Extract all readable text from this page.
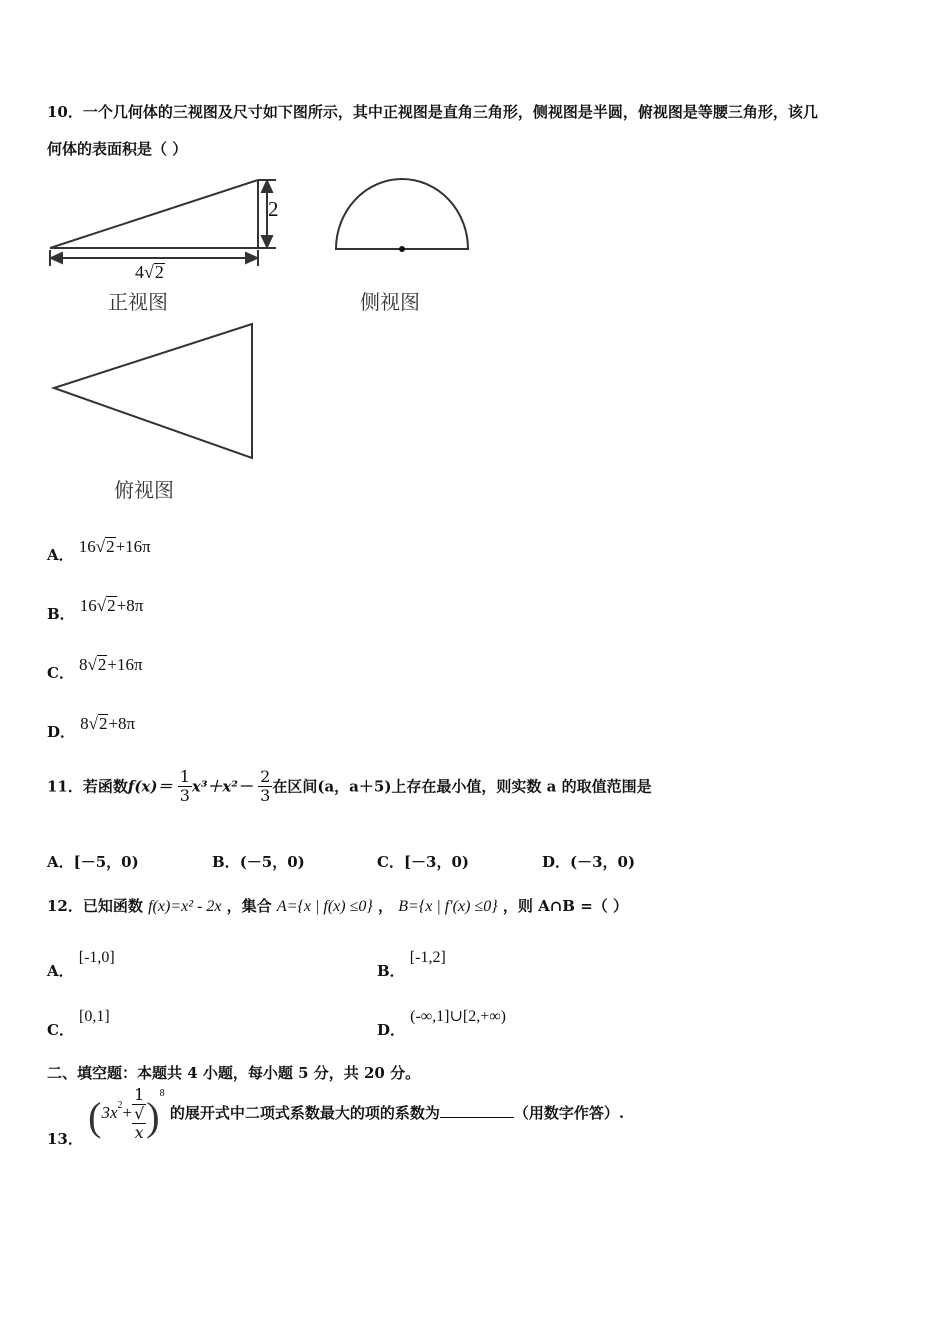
10．一个几何体的三视图及尺寸如下图所示，其中正视图是直角三角形，侧视图是半圆，俯视图是等腰三角形，该几
何体的表面积是（ ）
2
4√2
正视图	侧视图
俯视图
A． 16√2+16π
B． 16√2+8π
C． 8√2+16π
D． 8√2+8π
11．若函数$f(x)= \frac{1}{3} x^3+x^2- \frac{2}{3}$ 在区间(a，a＋5)上存在最小值，则实数 a 的取值范围是
A．[－5，0)	B．(－5，0)	C．[－3，0)	D．(－3，0)
12．已知函数 f(x)=x² - 2x ，集合 A={x | f(x) ≤0} ， B={x | f′(x) ≤0} ，则 A∩B =（ ）
A． [-1,0]
B． [-1,2]
C． [0,1]
D． (-∞,1]∪[2,+∞)
二、填空题：本题共 4 小题，每小题 5 分，共 20 分。
13． ($3x^2+ 1$
√
x )$^8$ 的展开式中二项式系数最大的项的系数为	（用数字作答）.
